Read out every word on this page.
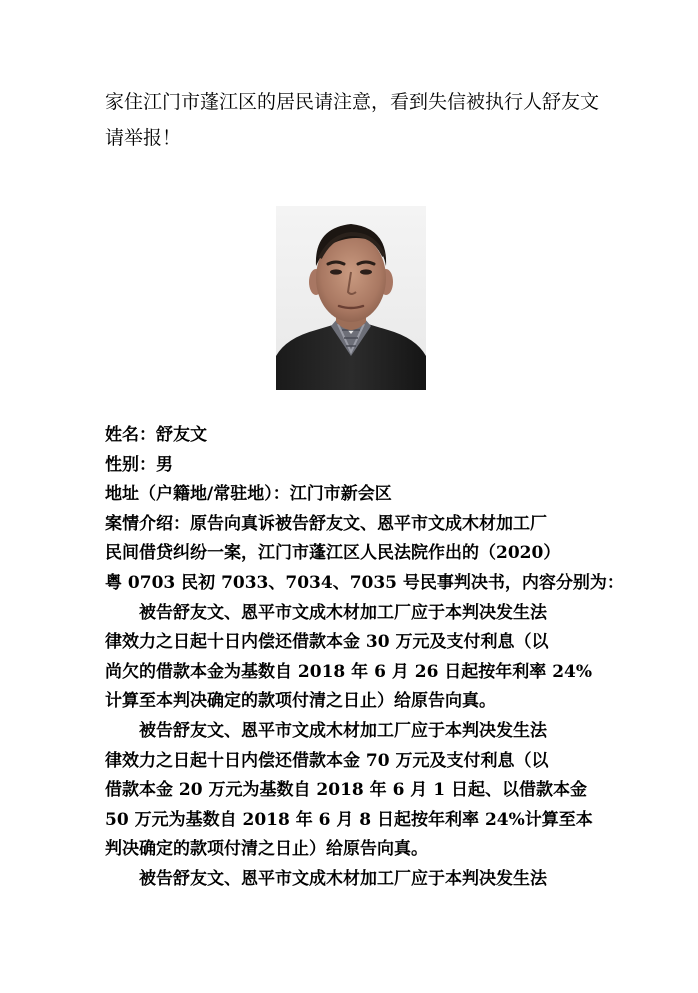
家住江门市蓬江区的居民请注意，看到失信被执行人舒友文

请举报！

姓名：舒友文

性别：男

地址（户籍地/常驻地）：江门市新会区

案情介绍：原告向真诉被告舒友文、恩平市文成木材加工厂

民间借贷纠纷一案，江门市蓬江区人民法院作出的（2020）

粤 0703 民初 7033、7034、7035 号民事判决书，内容分别为：

被告舒友文、恩平市文成木材加工厂应于本判决发生法

律效力之日起十日内偿还借款本金 30 万元及支付利息（以

尚欠的借款本金为基数自 2018 年 6 月 26 日起按年利率 24%

计算至本判决确定的款项付清之日止）给原告向真。

被告舒友文、恩平市文成木材加工厂应于本判决发生法

律效力之日起十日内偿还借款本金 70 万元及支付利息（以

借款本金 20 万元为基数自 2018 年 6 月 1 日起、以借款本金

50 万元为基数自 2018 年 6 月 8 日起按年利率 24%计算至本

判决确定的款项付清之日止）给原告向真。

被告舒友文、恩平市文成木材加工厂应于本判决发生法
